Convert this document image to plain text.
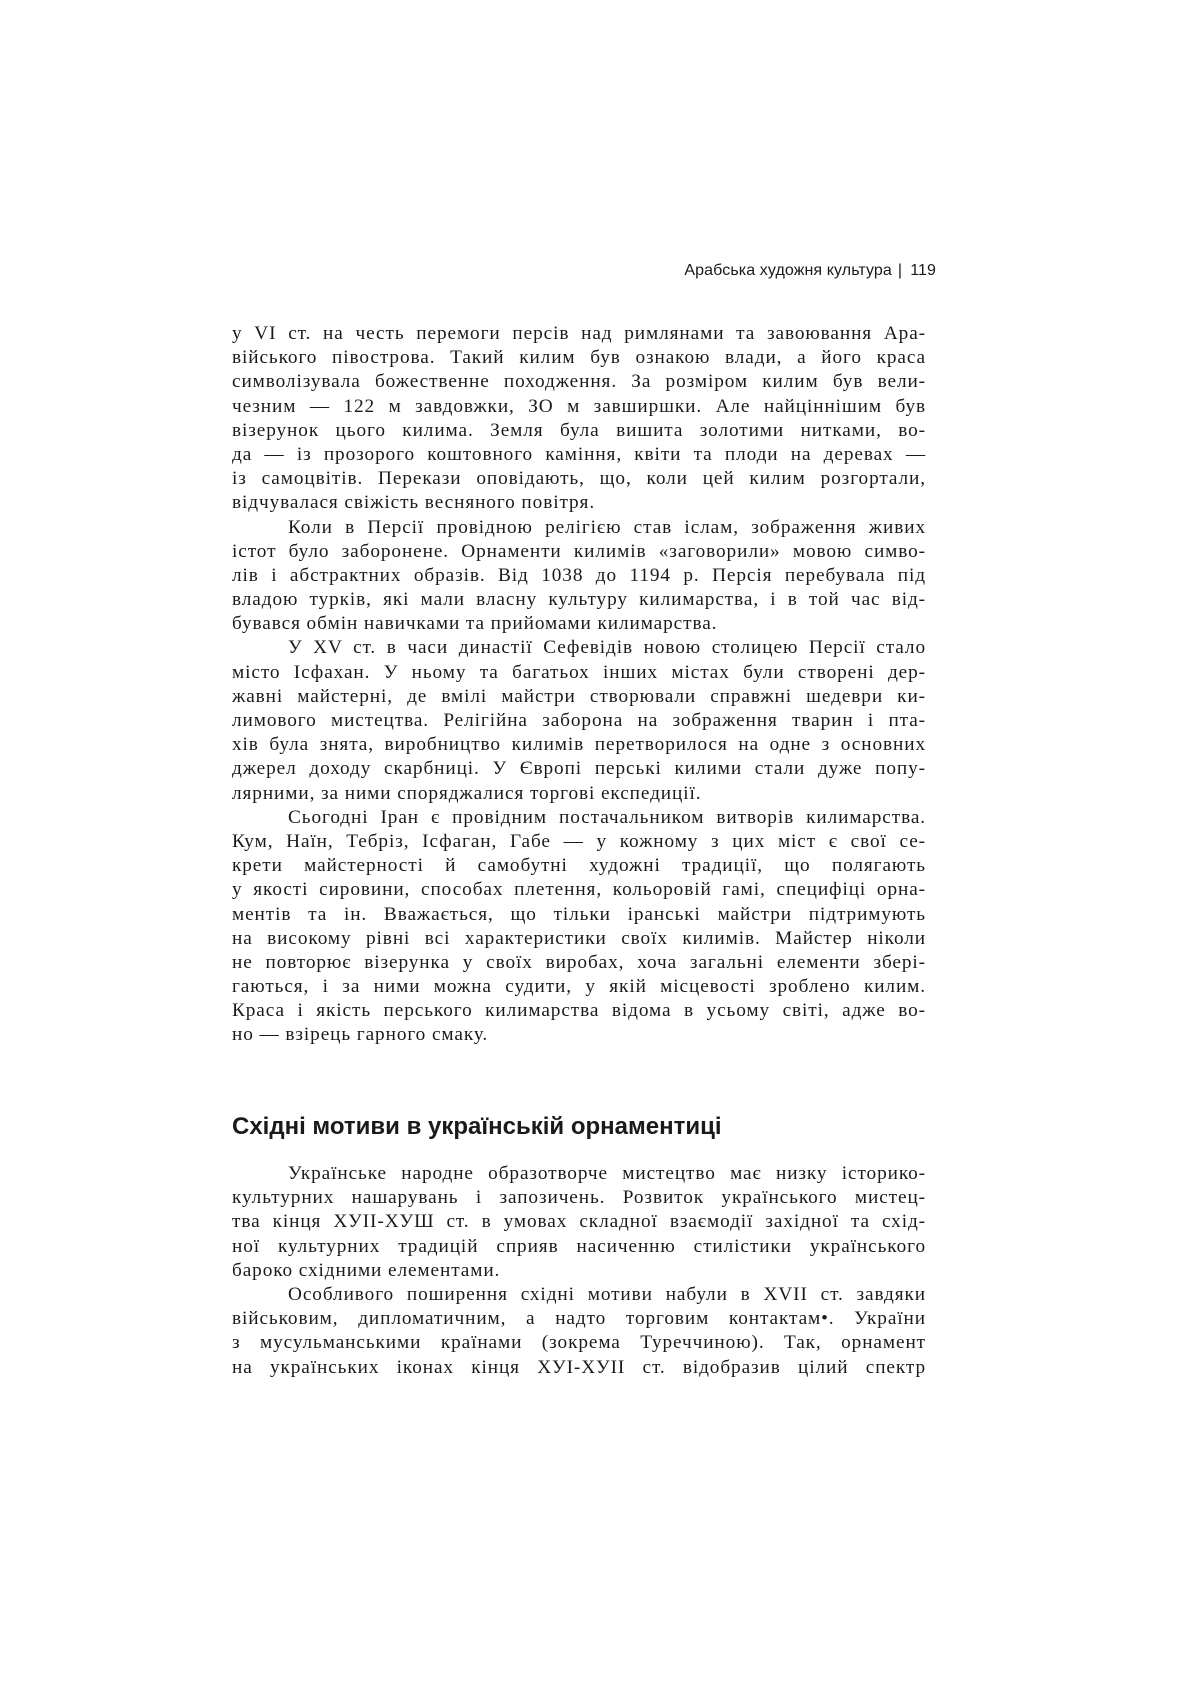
Арабська художня культура | 119
у VI ст. на честь перемоги персів над римлянами та завоювання Ара-
війського півострова. Такий килим був ознакою влади, а його краса
символізувала божественне походження. За розміром килим був вели-
чезним — 122 м завдовжки, ЗО м завширшки. Але найціннішим був
візерунок цього килима. Земля була вишита золотими нитками, во-
да — із прозорого коштовного каміння, квіти та плоди на деревах —
із самоцвітів. Перекази оповідають, що, коли цей килим розгортали,
відчувалася свіжість весняного повітря.
Коли в Персії провідною релігією став іслам, зображення живих
істот було заборонене. Орнаменти килимів «заговорили» мовою симво-
лів і абстрактних образів. Від 1038 до 1194 р. Персія перебувала під
владою турків, які мали власну культуру килимарства, і в той час від-
бувався обмін навичками та прийомами килимарства.
У XV ст. в часи династії Сефевідів новою столицею Персії стало
місто Ісфахан. У ньому та багатьох інших містах були створені дер-
жавні майстерні, де вмілі майстри створювали справжні шедеври ки-
лимового мистецтва. Релігійна заборона на зображення тварин і пта-
хів була знята, виробництво килимів перетворилося на одне з основних
джерел доходу скарбниці. У Європі перські килими стали дуже попу-
лярними, за ними споряджалися торгові експедиції.
Сьогодні Іран є провідним постачальником витворів килимарства.
Кум, Наїн, Тебріз, Ісфаган, Габе — у кожному з цих міст є свої се-
крети майстерності й самобутні художні традиції, що полягають
у якості сировини, способах плетення, кольоровій гамі, специфіці орна-
ментів та ін. Вважається, що тільки іранські майстри підтримують
на високому рівні всі характеристики своїх килимів. Майстер ніколи
не повторює візерунка у своїх виробах, хоча загальні елементи збері-
гаються, і за ними можна судити, у якій місцевості зроблено килим.
Краса і якість перського килимарства відома в усьому світі, адже во-
но — взірець гарного смаку.
Східні мотиви в українській орнаментиці
Українське народне образотворче мистецтво має низку історико-
культурних нашарувань і запозичень. Розвиток українського мистец-
тва кінця ХУІІ-ХУШ ст. в умовах складної взаємодії західної та схід-
ної культурних традицій сприяв насиченню стилістики українського
бароко східними елементами.
Особливого поширення східні мотиви набули в XVII ст. завдяки
військовим, дипломатичним, а надто торговим контактам•. України
з мусульманськими країнами (зокрема Туреччиною). Так, орнамент
на українських іконах кінця ХУІ-ХУІІ ст. відобразив цілий спектр
